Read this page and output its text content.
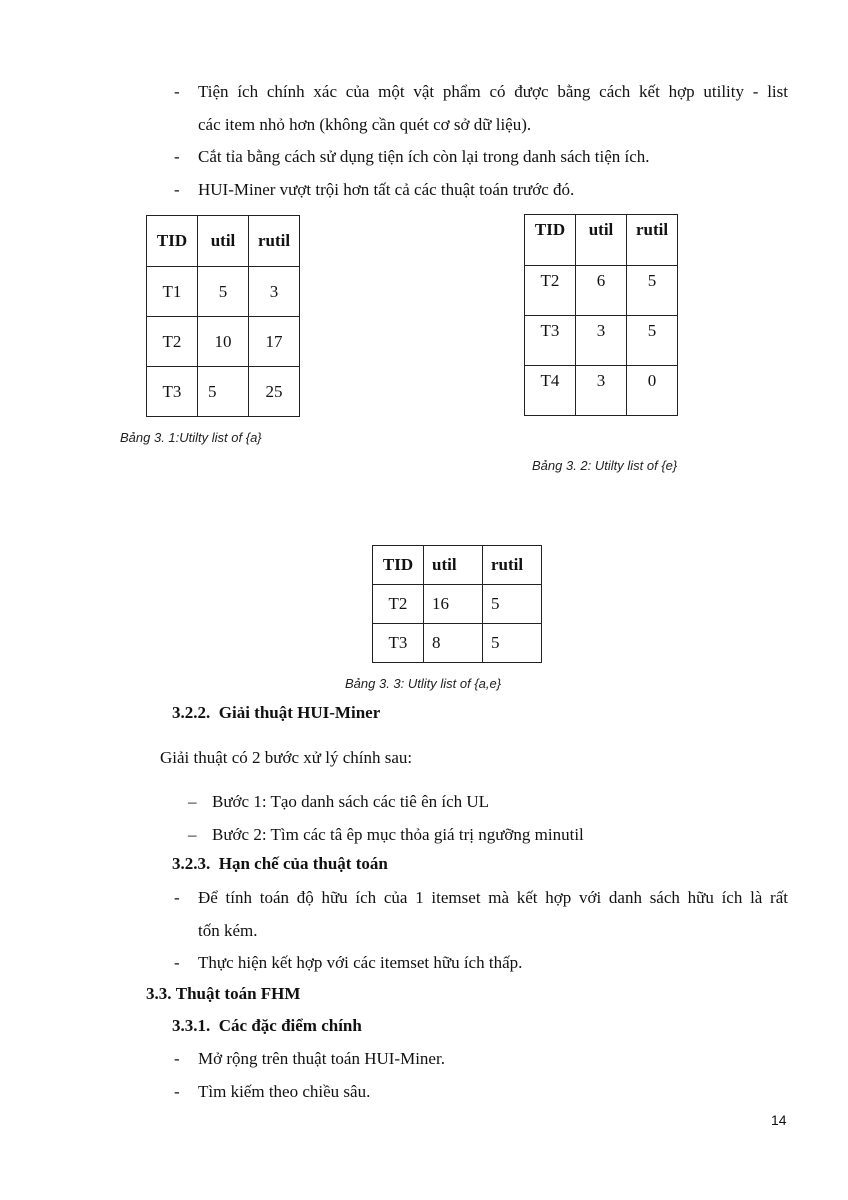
- Tiện ích chính xác của một vật phẩm có được bằng cách kết hợp utility - list
các item nhỏ hơn (không cần quét cơ sở dữ liệu).
- Cắt tỉa bằng cách sử dụng tiện ích còn lại trong danh sách tiện ích.
- HUI-Miner vượt trội hơn tất cả các thuật toán trước đó.
TID	util	rutil
T1	5	3
T2	10	17
T3	5	25
Bảng 3. 1:Utilty list of {a}
TID	util	rutil
T2	6	5
T3	3	5
T4	3	0
Bảng 3. 2: Utilty list of {e}
TID	util	rutil
T2	16	5
T3	8	5
Bảng 3. 3: Utlity list of {a,e}
3.2.2. Giải thuật HUI-Miner
Giải thuật có 2 bước xử lý chính sau:
– Bước 1: Tạo danh sách các tiê ên ích UL
– Bước 2: Tìm các tâ êp mục thỏa giá trị ngưỡng minutil
3.2.3. Hạn chế của thuật toán
- Để tính toán độ hữu ích của 1 itemset mà kết hợp với danh sách hữu ích là rất
tốn kém.
- Thực hiện kết hợp với các itemset hữu ích thấp.
3.3. Thuật toán FHM
3.3.1. Các đặc điểm chính
- Mở rộng trên thuật toán HUI-Miner.
- Tìm kiếm theo chiều sâu.
14
